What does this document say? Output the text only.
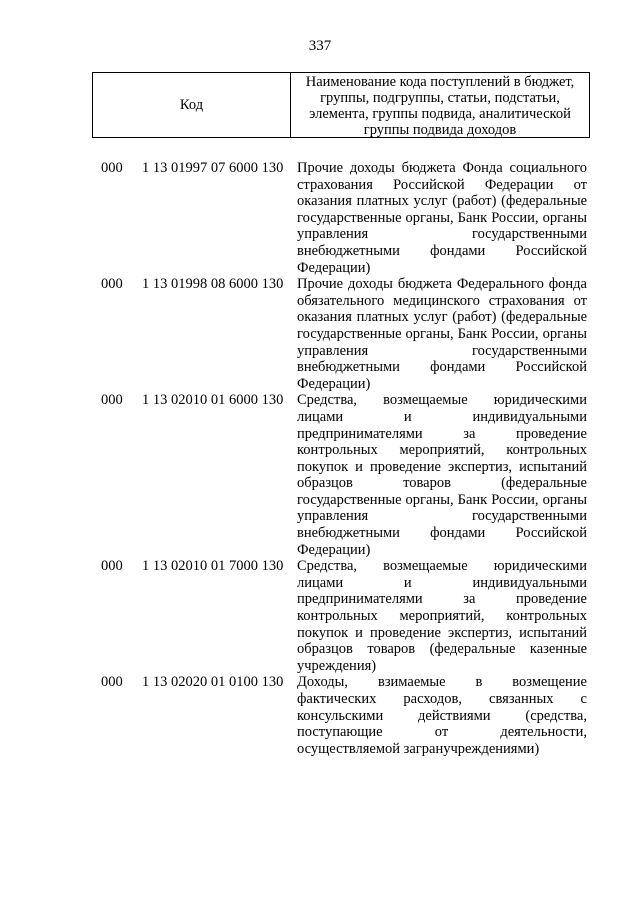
337
Код
Наименование кода поступлений в бюджет, группы, подгруппы, статьи, подстатьи, элемента, группы подвида, аналитической группы подвида доходов
000 1 13 01997 07 6000 130 Прочие доходы бюджета Фонда социального страхования Российской Федерации от оказания платных услуг (работ) (федеральные государственные органы, Банк России, органы управления государственными внебюджетными фондами Российской Федерации)
000 1 13 01998 08 6000 130 Прочие доходы бюджета Федерального фонда обязательного медицинского страхования от оказания платных услуг (работ) (федеральные государственные органы, Банк России, органы управления государственными внебюджетными фондами Российской Федерации)
000 1 13 02010 01 6000 130 Средства, возмещаемые юридическими лицами и индивидуальными предпринимателями за проведение контрольных мероприятий, контрольных покупок и проведение экспертиз, испытаний образцов товаров (федеральные государственные органы, Банк России, органы управления государственными внебюджетными фондами Российской Федерации)
000 1 13 02010 01 7000 130 Средства, возмещаемые юридическими лицами и индивидуальными предпринимателями за проведение контрольных мероприятий, контрольных покупок и проведение экспертиз, испытаний образцов товаров (федеральные казенные учреждения)
000 1 13 02020 01 0100 130 Доходы, взимаемые в возмещение фактических расходов, связанных с консульскими действиями (средства, поступающие от деятельности, осуществляемой загранучреждениями)
